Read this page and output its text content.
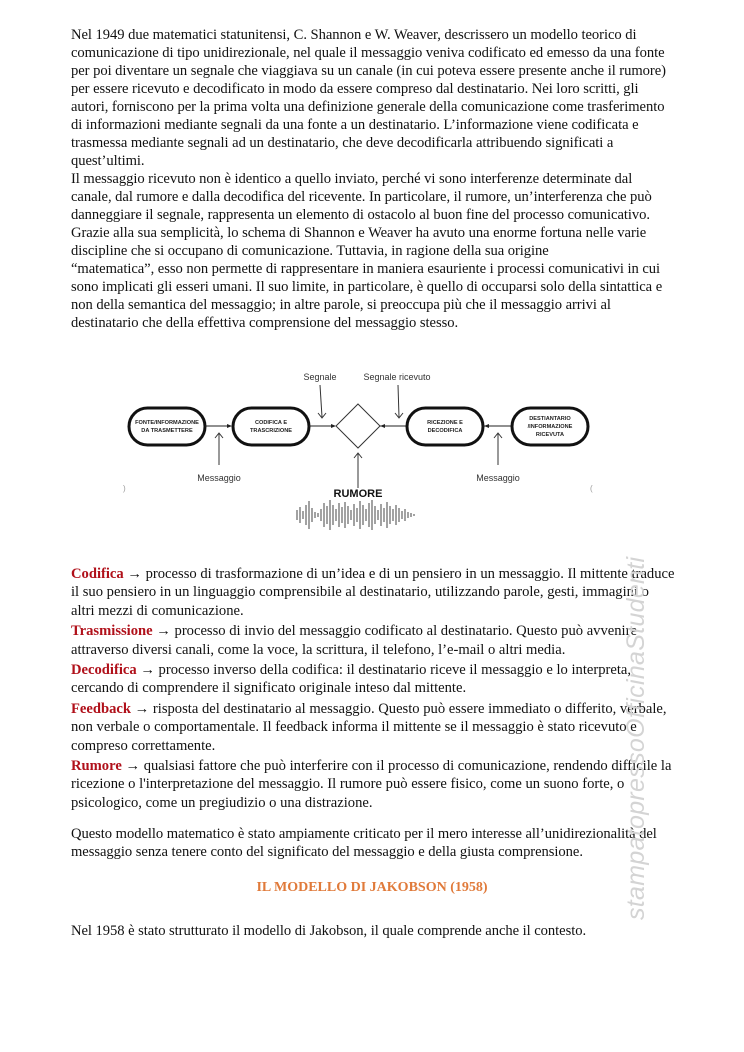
Nel 1949 due matematici statunitensi, C. Shannon e W. Weaver, descrissero un modello teorico di comunicazione di tipo unidirezionale, nel quale il messaggio veniva codificato ed emesso da una fonte per poi diventare un segnale che viaggiava su un canale (in cui poteva essere presente anche il rumore) per essere ricevuto e decodificato in modo da essere compreso dal destinatario. Nei loro scritti, gli autori, forniscono per la prima volta una definizione generale della comunicazione come trasferimento di informazioni mediante segnali da una fonte a un destinatario. L’informazione viene codificata e trasmessa mediante segnali ad un destinatario, che deve decodificarla attribuendo significati a quest’ultimi.

Il messaggio ricevuto non è identico a quello inviato, perché vi sono interferenze determinate dal canale, dal rumore e dalla decodifica del ricevente. In particolare, il rumore, un’interferenza che può danneggiare il segnale, rappresenta un elemento di ostacolo al buon fine del processo comunicativo. Grazie alla sua semplicità, lo schema di Shannon e Weaver ha avuto una enorme fortuna nelle varie discipline che si occupano di comunicazione. Tuttavia, in ragione della sua origine
“matematica”, esso non permette di rappresentare in maniera esauriente i processi comunicativi in cui sono implicati gli esseri umani. Il suo limite, in particolare, è quello di occuparsi solo della sintattica e non della semantica del messaggio; in altre parole, si preoccupa più che il messaggio arrivi al destinatario che della effettiva comprensione del messaggio stesso.
FONTE/INFORMAZIONE
DA TRASMETTERE
CODIFICA E
TRASCRIZIONE
RICEZIONE E
DECODIFICA
DESTIANTARIO
/INFORMAZIONE
RICEVUTA
Segnale	Segnale ricevuto
Messaggio	Messaggio
RUMORE
)	(

Codifica → processo di trasformazione di un’idea e di un pensiero in un messaggio. Il mittente traduce il suo pensiero in un linguaggio comprensibile al destinatario, utilizzando parole, gesti, immagini o altri mezzi di comunicazione.

Trasmissione → processo di invio del messaggio codificato al destinatario. Questo può avvenire attraverso diversi canali, come la voce, la scrittura, il telefono, l’e-mail o altri media.

Decodifica → processo inverso della codifica: il destinatario riceve il messaggio e lo interpreta, cercando di comprendere il significato originale inteso dal mittente.

Feedback → risposta del destinatario al messaggio. Questo può essere immediato o differito, verbale, non verbale o comportamentale. Il feedback informa il mittente se il messaggio è stato ricevuto e compreso correttamente.

Rumore → qualsiasi fattore che può interferire con il processo di comunicazione, rendendo difficile la ricezione o l'interpretazione del messaggio. Il rumore può essere fisico, come un suono forte, o psicologico, come un pregiudizio o una distrazione.

Questo modello matematico è stato ampiamente criticato per il mero interesse all’unidirezionalità del messaggio senza tenere conto del significato del messaggio e della giusta comprensione.

IL MODELLO DI JAKOBSON (1958)

Nel 1958 è stato strutturato il modello di Jakobson, il quale comprende anche il contesto.

stampatopressoOfficinaStudenti
